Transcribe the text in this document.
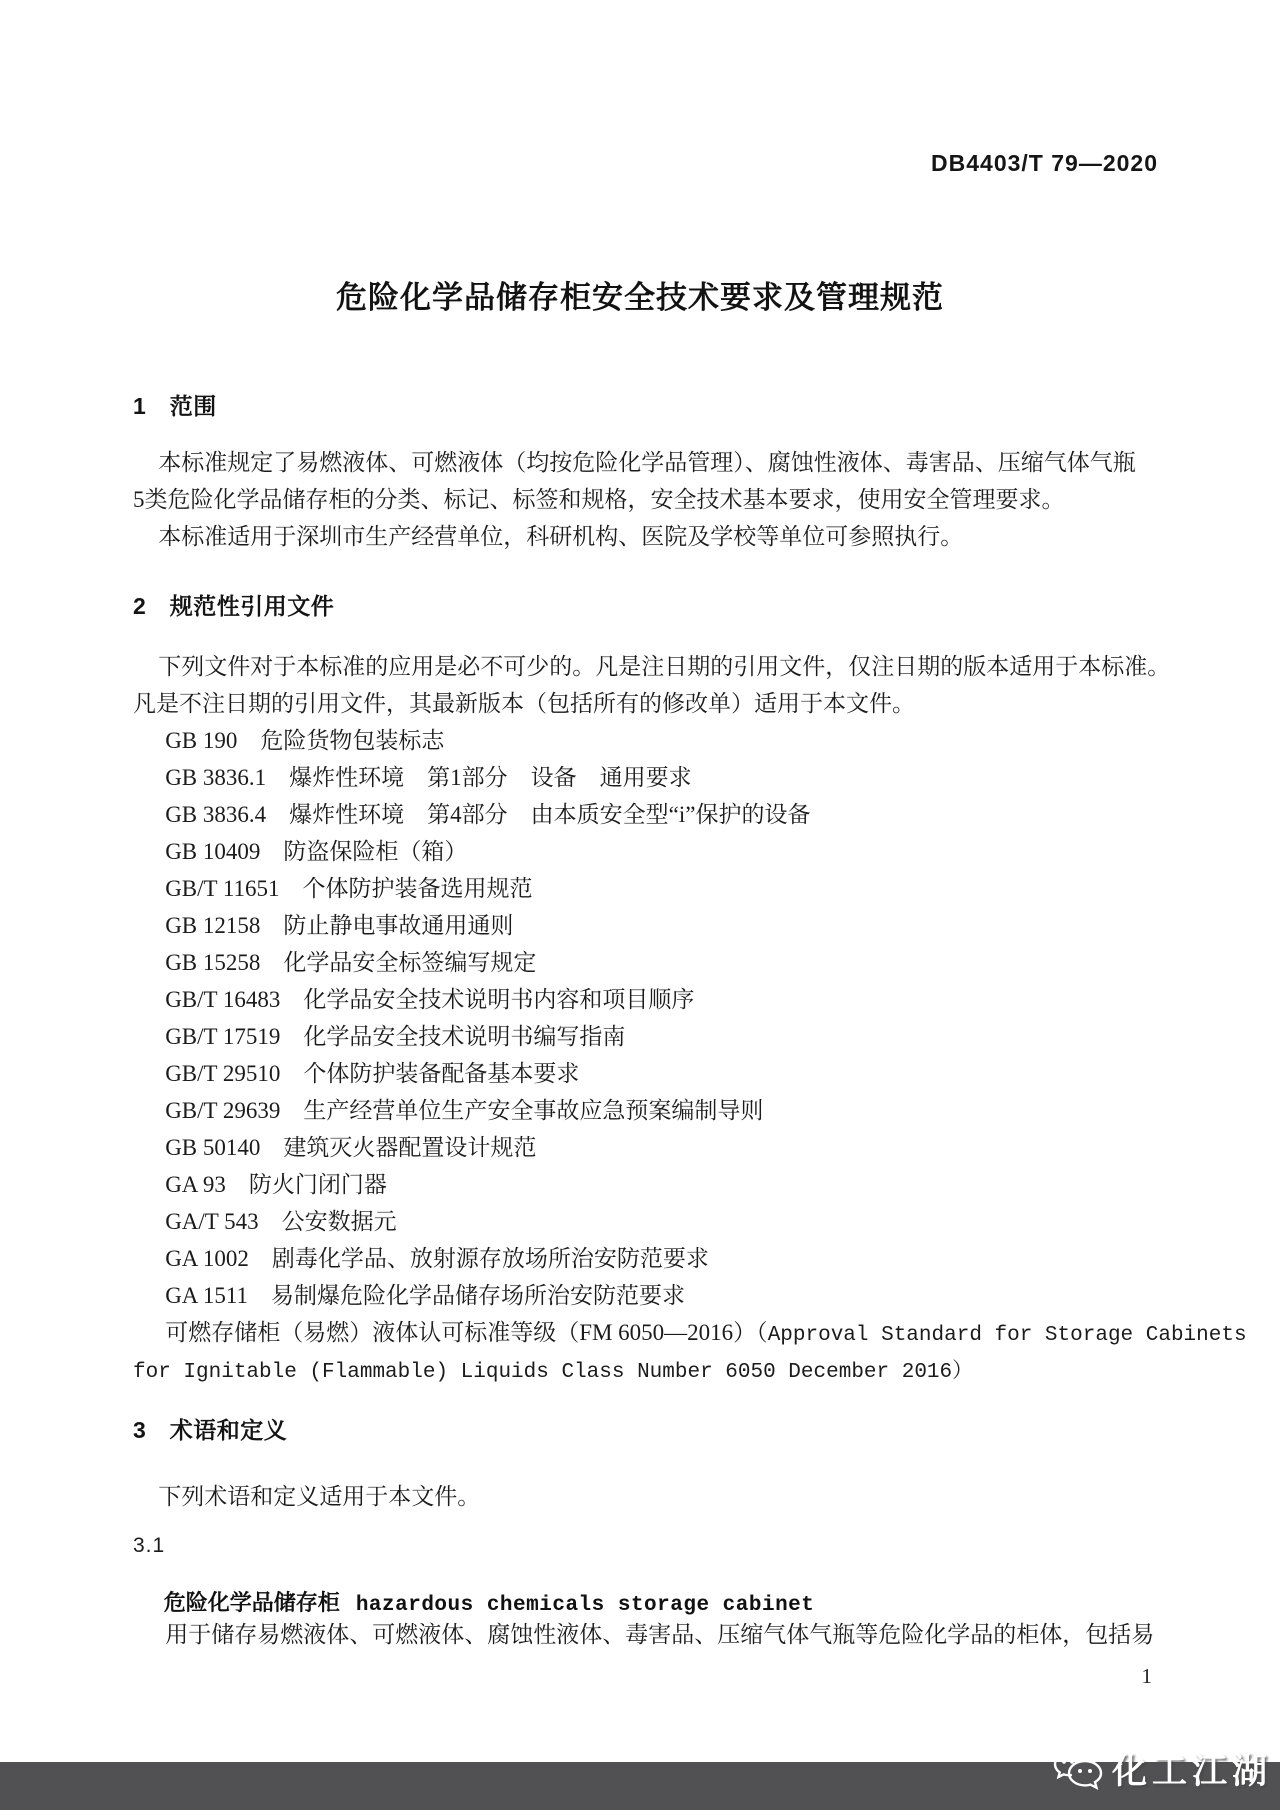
DB4403/T 79—2020
危险化学品储存柜安全技术要求及管理规范
1　范围
本标准规定了易燃液体、可燃液体（均按危险化学品管理）、腐蚀性液体、毒害品、压缩气体气瓶
5类危险化学品储存柜的分类、标记、标签和规格，安全技术基本要求，使用安全管理要求。
本标准适用于深圳市生产经营单位，科研机构、医院及学校等单位可参照执行。
2　规范性引用文件
下列文件对于本标准的应用是必不可少的。凡是注日期的引用文件，仅注日期的版本适用于本标准。
凡是不注日期的引用文件，其最新版本（包括所有的修改单）适用于本文件。
GB 190　危险货物包装标志
GB 3836.1　爆炸性环境　第1部分　设备　通用要求
GB 3836.4　爆炸性环境　第4部分　由本质安全型“i”保护的设备
GB 10409　防盗保险柜（箱）
GB/T 11651　个体防护装备选用规范
GB 12158　防止静电事故通用通则
GB 15258　化学品安全标签编写规定
GB/T 16483　化学品安全技术说明书内容和项目顺序
GB/T 17519　化学品安全技术说明书编写指南
GB/T 29510　个体防护装备配备基本要求
GB/T 29639　生产经营单位生产安全事故应急预案编制导则
GB 50140　建筑灭火器配置设计规范
GA 93　防火门闭门器
GA/T 543　公安数据元
GA 1002　剧毒化学品、放射源存放场所治安防范要求
GA 1511　易制爆危险化学品储存场所治安防范要求
可燃存储柜（易燃）液体认可标准等级（FM 6050—2016）（Approval Standard for Storage Cabinets
for Ignitable (Flammable) Liquids Class Number 6050 December 2016）
3　术语和定义
下列术语和定义适用于本文件。
3.1
危险化学品储存柜 hazardous chemicals storage cabinet
用于储存易燃液体、可燃液体、腐蚀性液体、毒害品、压缩气体气瓶等危险化学品的柜体，包括易
1
化工江湖
